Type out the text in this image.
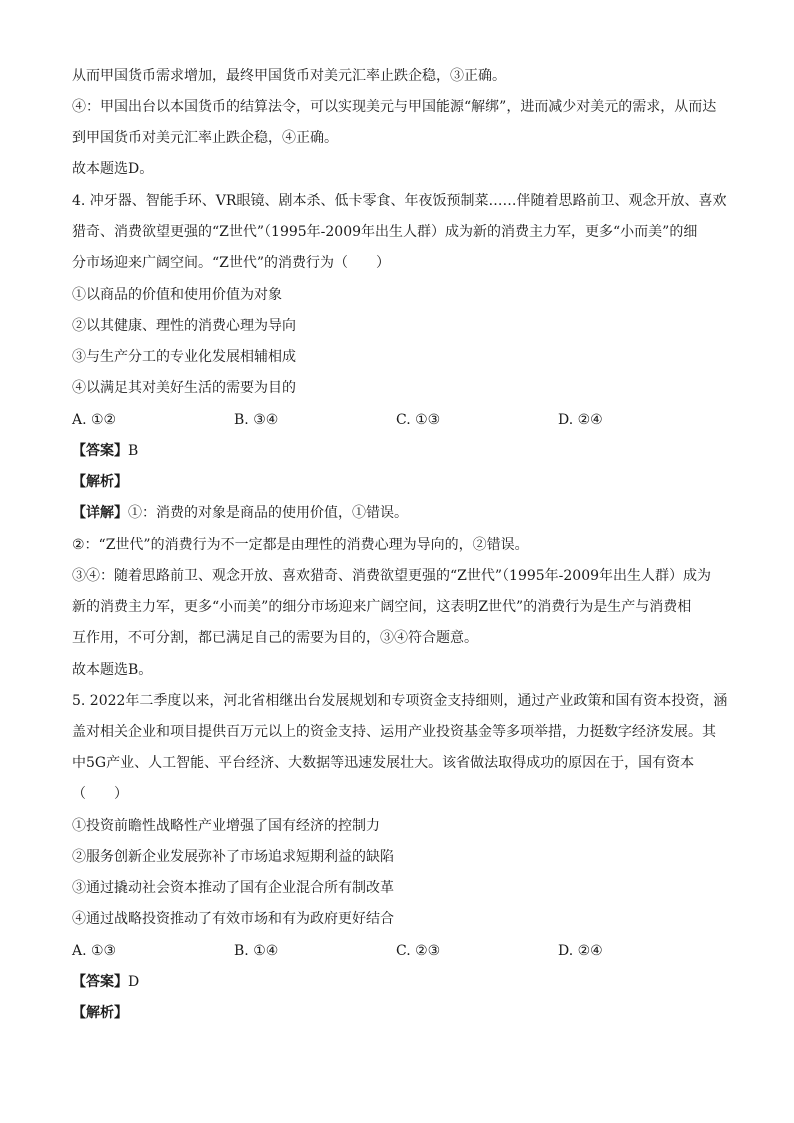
从而甲国货币需求增加，最终甲国货币对美元汇率止跌企稳，③正确。
④：甲国出台以本国货币的结算法令，可以实现美元与甲国能源“解绑”，进而减少对美元的需求，从而达
到甲国货币对美元汇率止跌企稳，④正确。
故本题选D。
4. 冲牙器、智能手环、VR眼镜、剧本杀、低卡零食、年夜饭预制菜……伴随着思路前卫、观念开放、喜欢
猎奇、消费欲望更强的“Z世代”（1995年-2009年出生人群）成为新的消费主力军，更多“小而美”的细
分市场迎来广阔空间。“Z世代”的消费行为（　　）
①以商品的价值和使用价值为对象
②以其健康、理性的消费心理为导向
③与生产分工的专业化发展相辅相成
④以满足其对美好生活的需要为目的
A. ①②	B. ③④	C. ①③	D. ②④
【答案】B
【解析】
【详解】①：消费的对象是商品的使用价值，①错误。
②：“Z世代”的消费行为不一定都是由理性的消费心理为导向的，②错误。
③④：随着思路前卫、观念开放、喜欢猎奇、消费欲望更强的“Z世代”（1995年-2009年出生人群）成为
新的消费主力军，更多“小而美”的细分市场迎来广阔空间，这表明Z世代”的消费行为是生产与消费相
互作用，不可分割，都已满足自己的需要为目的，③④符合题意。
故本题选B。
5. 2022年二季度以来，河北省相继出台发展规划和专项资金支持细则，通过产业政策和国有资本投资，涵
盖对相关企业和项目提供百万元以上的资金支持、运用产业投资基金等多项举措，力挺数字经济发展。其
中5G产业、人工智能、平台经济、大数据等迅速发展壮大。该省做法取得成功的原因在于，国有资本
（　　）
①投资前瞻性战略性产业增强了国有经济的控制力
②服务创新企业发展弥补了市场追求短期利益的缺陷
③通过撬动社会资本推动了国有企业混合所有制改革
④通过战略投资推动了有效市场和有为政府更好结合
A. ①③	B. ①④	C. ②③	D. ②④
【答案】D
【解析】
